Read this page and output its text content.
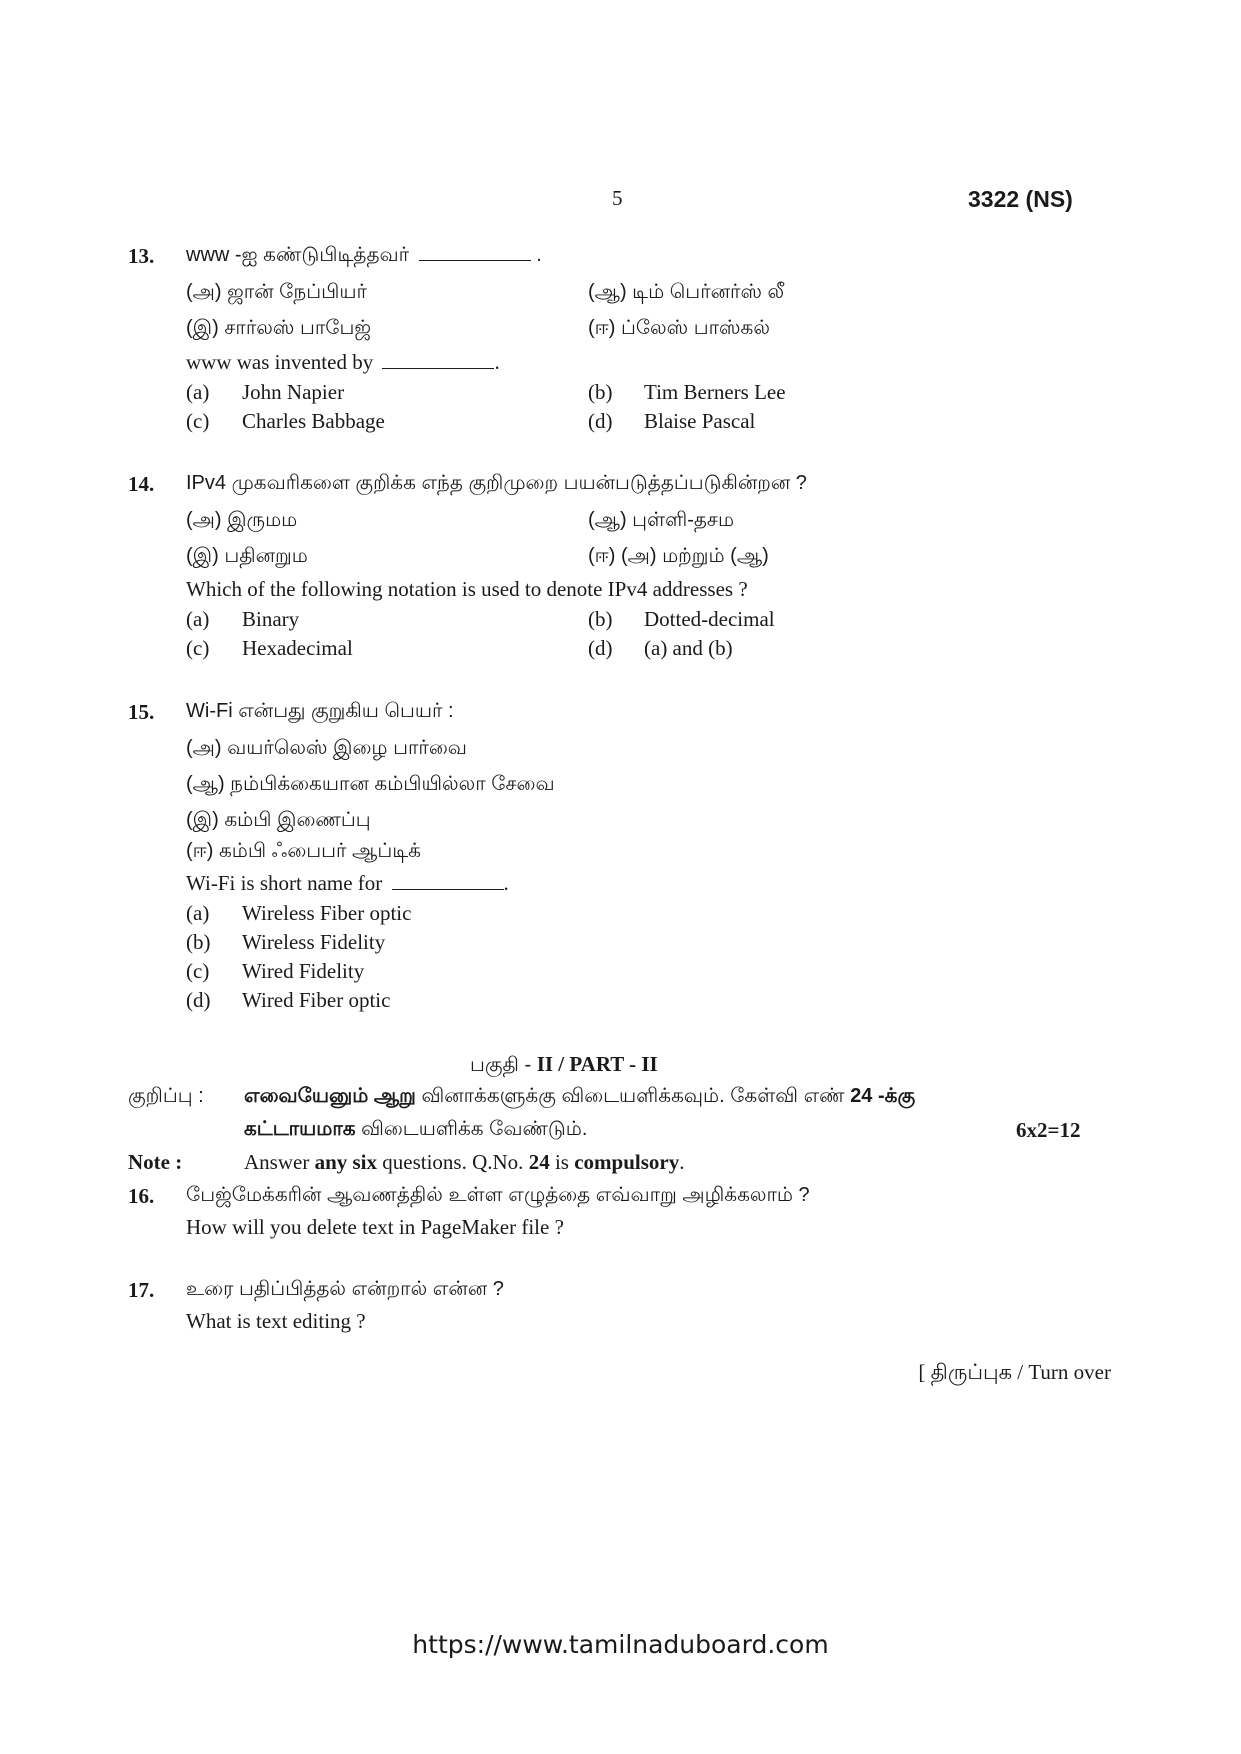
5	3322 (NS)
13. www -ஐ கண்டுபிடித்தவர்	.
(அ) ஜான் நேப்பியர்	(ஆ) டிம் பெர்னர்ஸ் லீ
(இ) சார்லஸ் பாபேஜ்	(ஈ) ப்லேஸ் பாஸ்கல்
www was invented by	.
(a) John Napier	(b) Tim Berners Lee
(c) Charles Babbage	(d) Blaise Pascal
14. IPv4 முகவரிகளை குறிக்க எந்த குறிமுறை பயன்படுத்தப்படுகின்றன ?
(அ) இருமம	(ஆ) புள்ளி-தசம
(இ) பதினறும	(ஈ) (அ) மற்றும் (ஆ)
Which of the following notation is used to denote IPv4 addresses ?
(a) Binary	(b) Dotted-decimal
(c) Hexadecimal	(d) (a) and (b)
15. Wi-Fi என்பது குறுகிய பெயர் :
(அ) வயர்லெஸ் இழை பார்வை
(ஆ) நம்பிக்கையான கம்பியில்லா சேவை
(இ) கம்பி இணைப்பு
(ஈ) கம்பி ஃபைபர் ஆப்டிக்
Wi-Fi is short name for	.
(a) Wireless Fiber optic
(b) Wireless Fidelity
(c) Wired Fidelity
(d) Wired Fiber optic
பகுதி - II / PART - II
குறிப்பு : எவையேனும் ஆறு வினாக்களுக்கு விடையளிக்கவும். கேள்வி எண் 24 -க்கு
கட்டாயமாக விடையளிக்க வேண்டும்.	6x2=12
Note :	Answer any six questions. Q.No. 24 is compulsory.
16. பேஜ்மேக்கரின் ஆவணத்தில் உள்ள எழுத்தை எவ்வாறு அழிக்கலாம் ?
How will you delete text in PageMaker file ?
17. உரை பதிப்பித்தல் என்றால் என்ன ?
What is text editing ?
[ திருப்புக / Turn over
https://www.tamilnaduboard.com
